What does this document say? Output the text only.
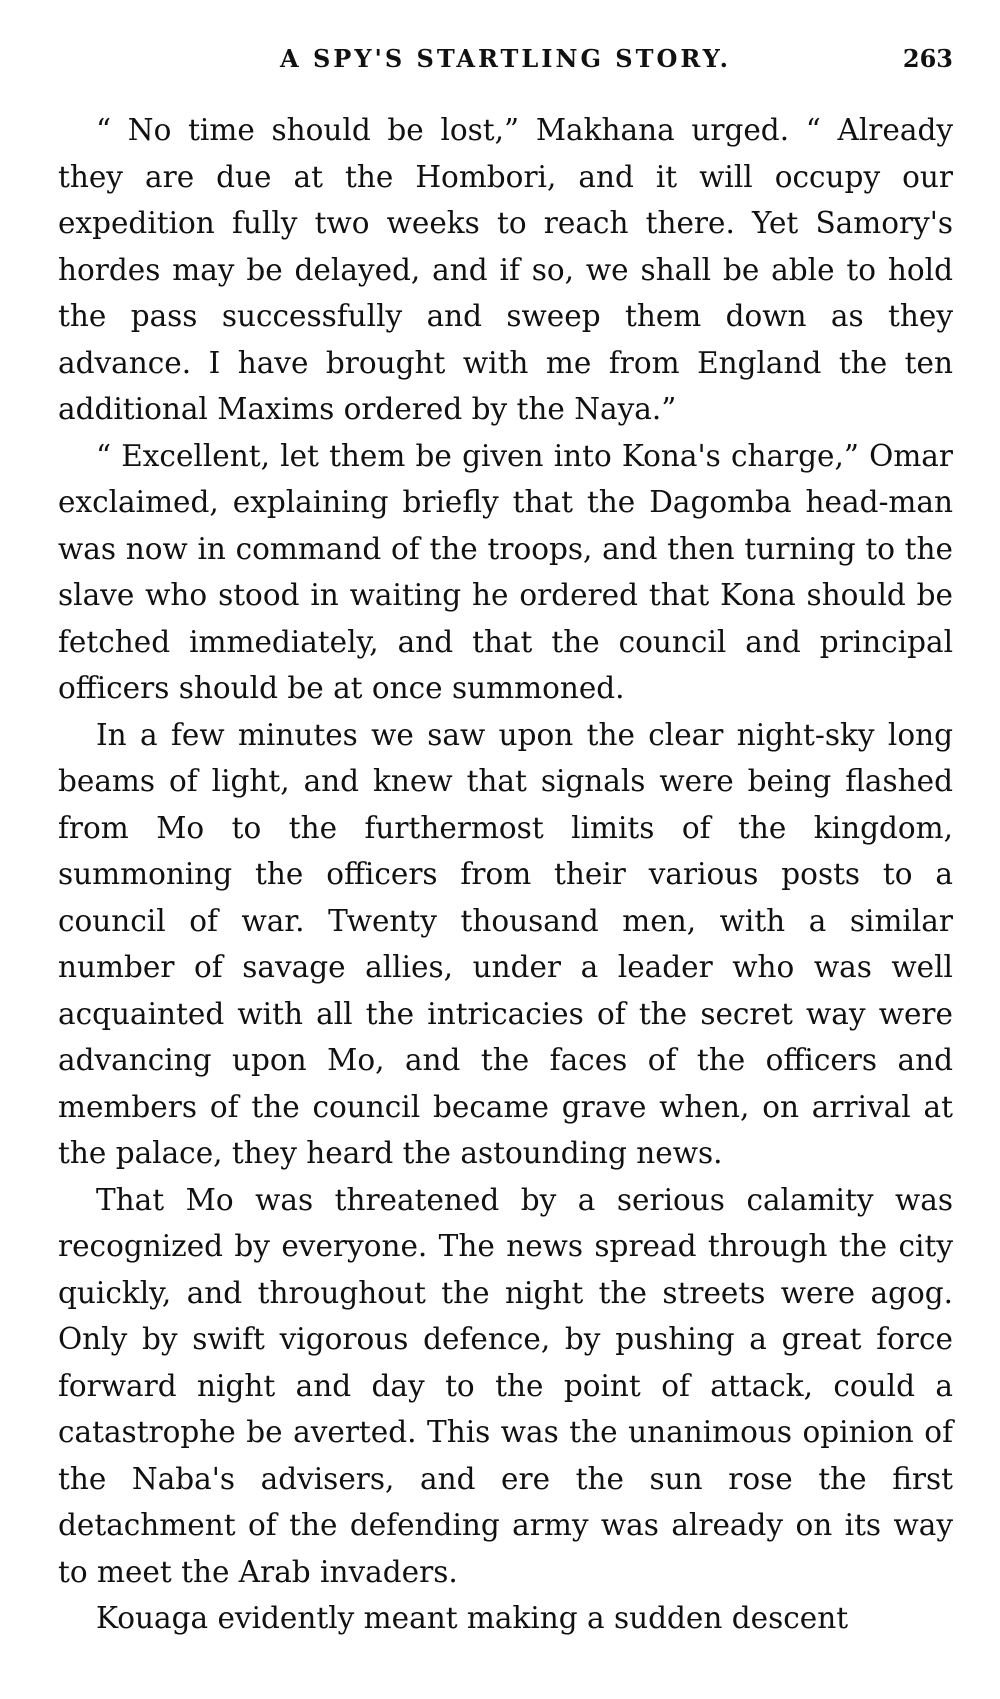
A SPY'S STARTLING STORY.	263

“ No time should be lost,” Makhana urged. “ Already they are due at the Hombori, and it will occupy our expedition fully two weeks to reach there. Yet Samory's hordes may be delayed, and if so, we shall be able to hold the pass successfully and sweep them down as they advance. I have brought with me from England the ten additional Maxims ordered by the Naya.”

“ Excellent, let them be given into Kona's charge,” Omar exclaimed, explaining briefly that the Dagomba head-man was now in command of the troops, and then turning to the slave who stood in waiting he ordered that Kona should be fetched immediately, and that the council and principal officers should be at once summoned.

In a few minutes we saw upon the clear night-sky long beams of light, and knew that signals were being flashed from Mo to the furthermost limits of the kingdom, summoning the officers from their various posts to a council of war. Twenty thousand men, with a similar number of savage allies, under a leader who was well acquainted with all the intricacies of the secret way were advancing upon Mo, and the faces of the officers and members of the council became grave when, on arrival at the palace, they heard the astounding news.

That Mo was threatened by a serious calamity was recognized by everyone. The news spread through the city quickly, and throughout the night the streets were agog. Only by swift vigorous defence, by pushing a great force forward night and day to the point of attack, could a catastrophe be averted. This was the unanimous opinion of the Naba's advisers, and ere the sun rose the first detachment of the defending army was already on its way to meet the Arab invaders.

Kouaga evidently meant making a sudden descent
